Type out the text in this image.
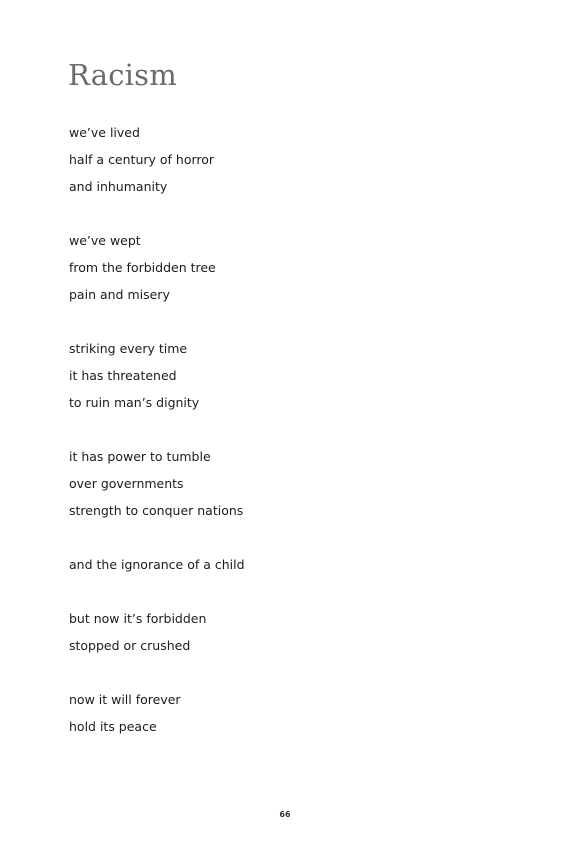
Racism
we’ve lived
half a century of horror
and inhumanity
we’ve wept
from the forbidden tree
pain and misery
striking every time
it has threatened
to ruin man’s dignity
it has power to tumble
over governments
strength to conquer nations
and the ignorance of a child
but now it’s forbidden
stopped or crushed
now it will forever
hold its peace
66
